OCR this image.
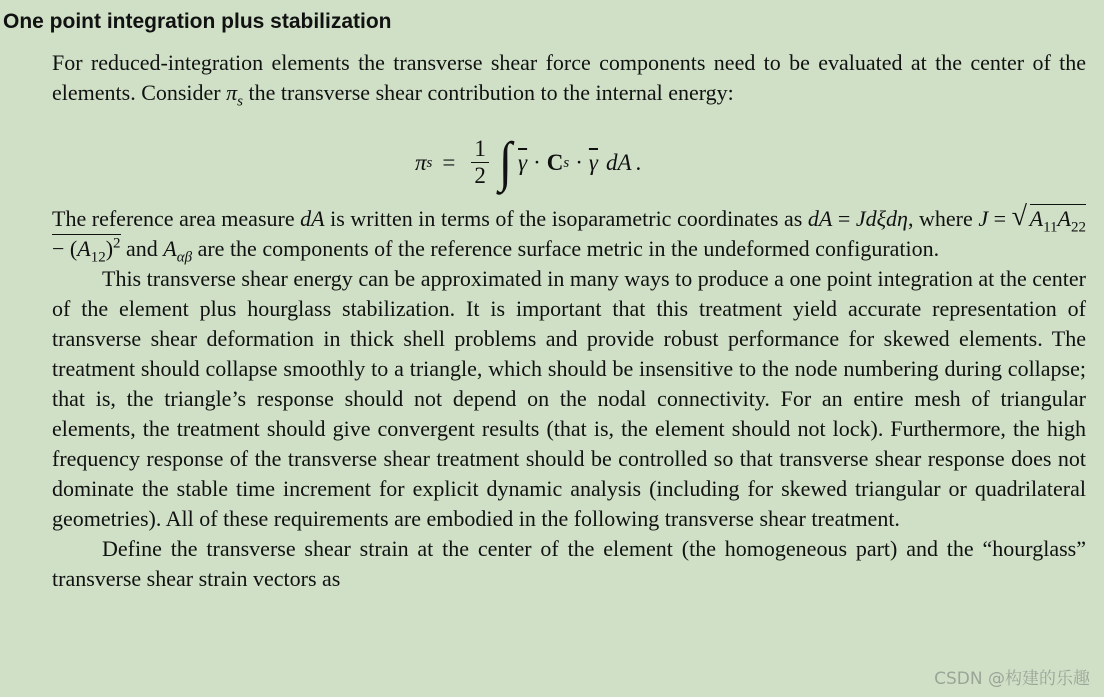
One point integration plus stabilization

For reduced-integration elements the transverse shear force components need to be evaluated at the center of the elements. Consider $\pi_s$ the transverse shear contribution to the internal energy:

π $s = \frac{1}{2}$ ∫ $\overline{\gamma} \cdot C$ $s \cdot \overline{\gamma}$ dA .

The reference area measure dA is written in terms of the isoparametric coordinates as dA = Jdξdη, where J = √ $A_{11}A_{22} - (A_{12})^2$ and $A_{\alpha\beta}$ are the components of the reference surface metric in the undeformed configuration.

This transverse shear energy can be approximated in many ways to produce a one point integration at the center of the element plus hourglass stabilization. It is important that this treatment yield accurate representation of transverse shear deformation in thick shell problems and provide robust performance for skewed elements. The treatment should collapse smoothly to a triangle, which should be insensitive to the node numbering during collapse; that is, the triangle’s response should not depend on the nodal connectivity. For an entire mesh of triangular elements, the treatment should give convergent results (that is, the element should not lock). Furthermore, the high frequency response of the transverse shear treatment should be controlled so that transverse shear response does not dominate the stable time increment for explicit dynamic analysis (including for skewed triangular or quadrilateral geometries). All of these requirements are embodied in the following transverse shear treatment.

Define the transverse shear strain at the center of the element (the homogeneous part) and the “hourglass” transverse shear strain vectors as

CSDN @构建的乐趣
